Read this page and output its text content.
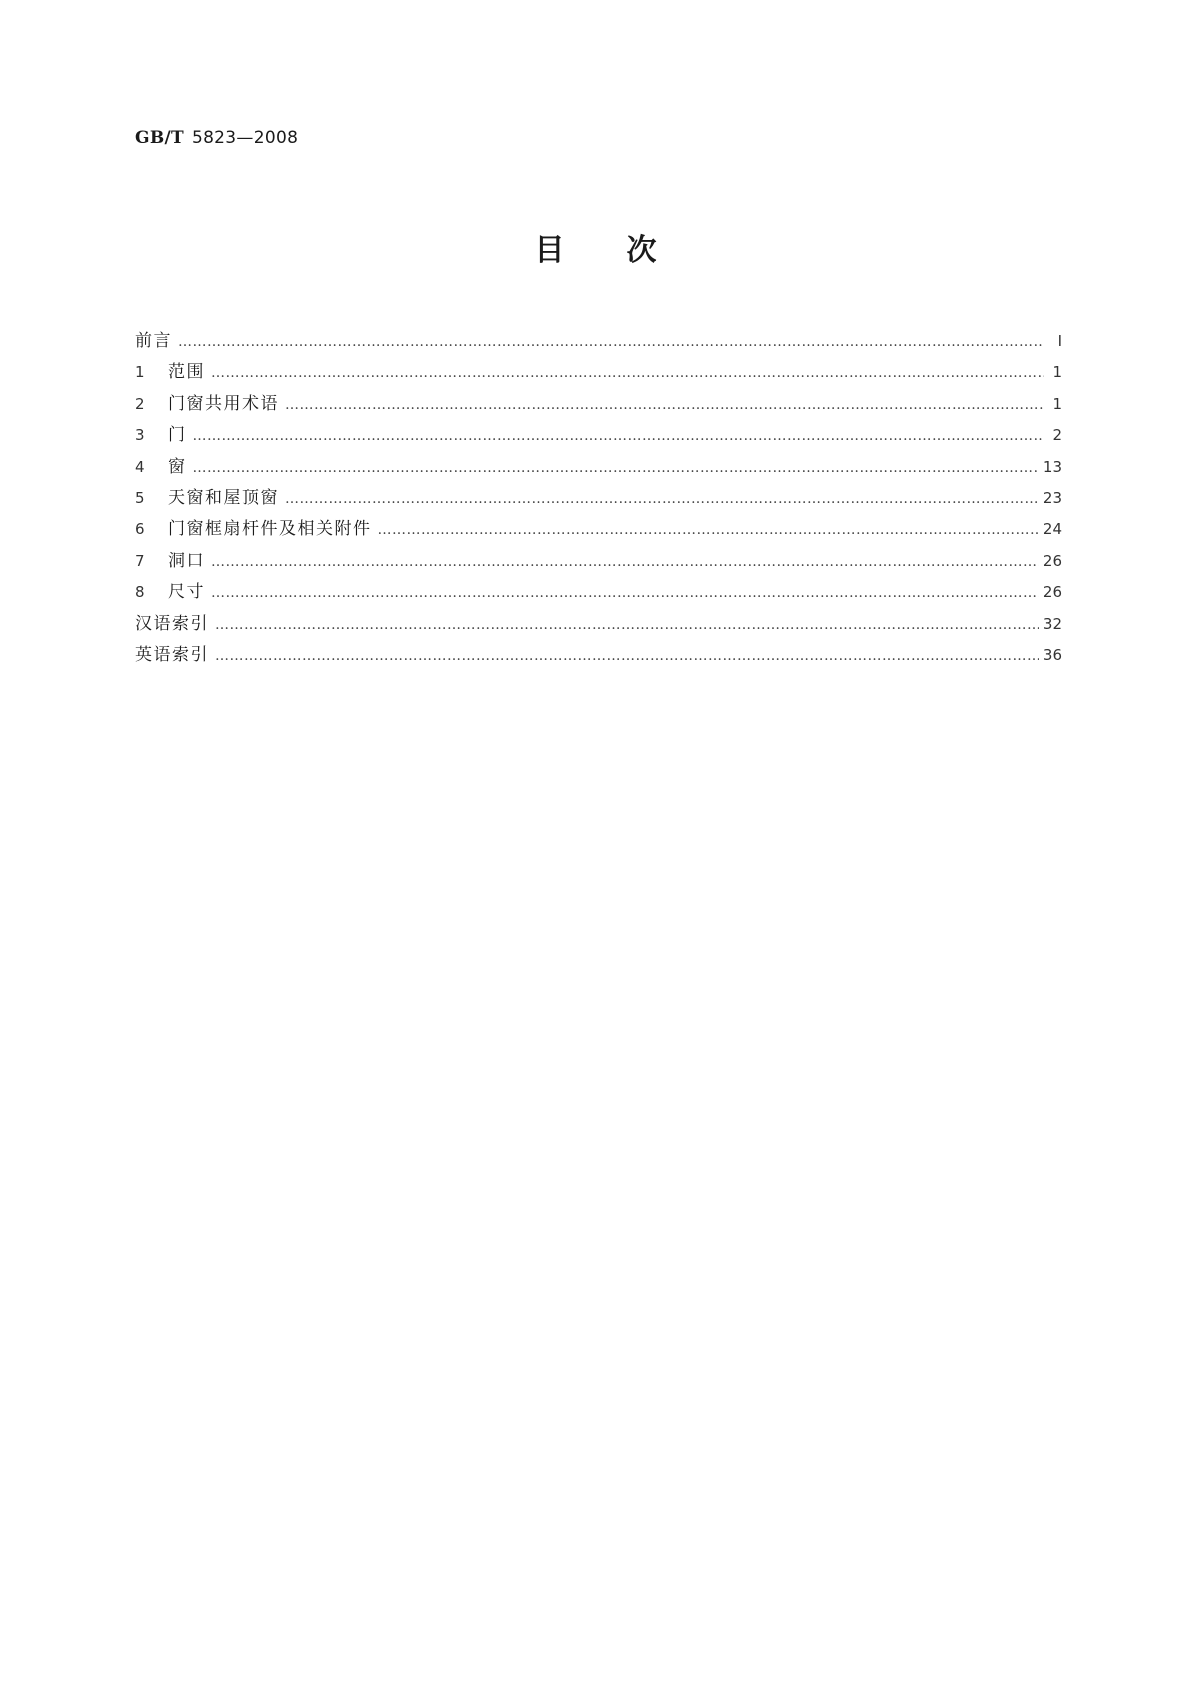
GB/T 5823—2008
目 次
前言 ……………………………………………………………………………………………………………………………………………………………………………………………………………………………………	Ⅰ
1	范围 ……………………………………………………………………………………………………………………………………………………………………………………………………………………………………	1
2	门窗共用术语 ……………………………………………………………………………………………………………………………………………………………………………………………………………………………………	1
3	门 ……………………………………………………………………………………………………………………………………………………………………………………………………………………………………	2
4	窗 ……………………………………………………………………………………………………………………………………………………………………………………………………………………………………	13
5	天窗和屋顶窗 ……………………………………………………………………………………………………………………………………………………………………………………………………………………………………	23
6	门窗框扇杆件及相关附件 ……………………………………………………………………………………………………………………………………………………………………………………………………………………………………	24
7	洞口 ……………………………………………………………………………………………………………………………………………………………………………………………………………………………………	26
8	尺寸 ……………………………………………………………………………………………………………………………………………………………………………………………………………………………………	26
汉语索引 ……………………………………………………………………………………………………………………………………………………………………………………………………………………………………	32
英语索引 ……………………………………………………………………………………………………………………………………………………………………………………………………………………………………	36
